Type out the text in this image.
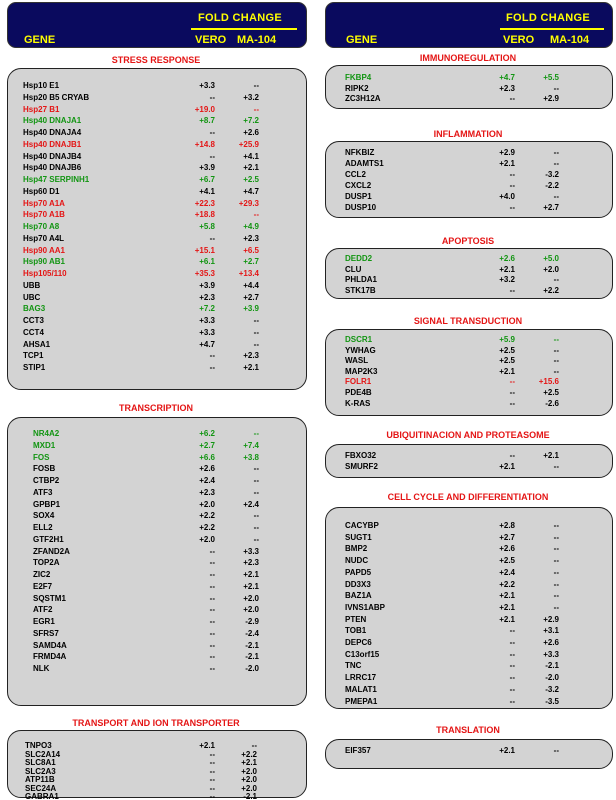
FOLD CHANGE
GENE	VERO MA-104
FOLD CHANGE
GENE	VERO MA-104
STRESS RESPONSE
Hsp10 E1	+3.3	--
Hsp20 B5 CRYAB	--	+3.2
Hsp27 B1	+19.0	--
Hsp40 DNAJA1	+8.7	+7.2
Hsp40 DNAJA4	--	+2.6
Hsp40 DNAJB1	+14.8	+25.9
Hsp40 DNAJB4	--	+4.1
Hsp40 DNAJB6	+3.9	+2.1
Hsp47 SERPINH1	+6.7	+2.5
Hsp60 D1	+4.1	+4.7
Hsp70 A1A	+22.3	+29.3
Hsp70 A1B	+18.8	--
Hsp70 A8	+5.8	+4.9
Hsp70 A4L	--	+2.3
Hsp90 AA1	+15.1	+6.5
Hsp90 AB1	+6.1	+2.7
Hsp105/110	+35.3	+13.4
UBB	+3.9	+4.4
UBC	+2.3	+2.7
BAG3	+7.2	+3.9
CCT3	+3.3	--
CCT4	+3.3	--
AHSA1	+4.7	--
TCP1	--	+2.3
STIP1	--	+2.1
TRANSCRIPTION
NR4A2	+6.2	--
MXD1	+2.7	+7.4
FOS	+6.6	+3.8
FOSB	+2.6	--
CTBP2	+2.4	--
ATF3	+2.3	--
GPBP1	+2.0	+2.4
SOX4	+2.2	--
ELL2	+2.2	--
GTF2H1	+2.0	--
ZFAND2A	--	+3.3
TOP2A	--	+2.3
ZIC2	--	+2.1
E2F7	--	+2.1
SQSTM1	--	+2.0
ATF2	--	+2.0
EGR1	--	-2.9
SFRS7	--	-2.4
SAMD4A	--	-2.1
FRMD4A	--	-2.1
NLK	--	-2.0
TRANSPORT AND ION TRANSPORTER
TNPO3	+2.1	--
SLC2A14	--	+2.2
SLC8A1	--	+2.1
SLC2A3	--	+2.0
ATP11B	--	+2.0
SEC24A	--	+2.0
GABRA1	--	-2.1
IMMUNOREGULATION
FKBP4	+4.7	+5.5
RIPK2	+2.3	--
ZC3H12A	--	+2.9
INFLAMMATION
NFKBIZ	+2.9	--
ADAMTS1	+2.1	--
CCL2	--	-3.2
CXCL2	--	-2.2
DUSP1	+4.0	--
DUSP10	--	+2.7
APOPTOSIS
DEDD2	+2.6	+5.0
CLU	+2.1	+2.0
PHLDA1	+3.2	--
STK17B	--	+2.2
SIGNAL TRANSDUCTION
DSCR1	+5.9	--
YWHAG	+2.5	--
WASL	+2.5	--
MAP2K3	+2.1	--
FOLR1	--	+15.6
PDE4B	--	+2.5
K-RAS	--	-2.6
UBIQUITINACION AND PROTEASOME
FBXO32	--	+2.1
SMURF2	+2.1	--
CELL CYCLE AND DIFFERENTIATION
CACYBP	+2.8	--
SUGT1	+2.7	--
BMP2	+2.6	--
NUDC	+2.5	--
PAPD5	+2.4	--
DD3X3	+2.2	--
BAZ1A	+2.1	--
IVNS1ABP	+2.1	--
PTEN	+2.1	+2.9
TOB1	--	+3.1
DEPC6	--	+2.6
C13orf15	--	+3.3
TNC	--	-2.1
LRRC17	--	-2.0
MALAT1	--	-3.2
PMEPA1	--	-3.5
TRANSLATION
EIF357	+2.1	--
